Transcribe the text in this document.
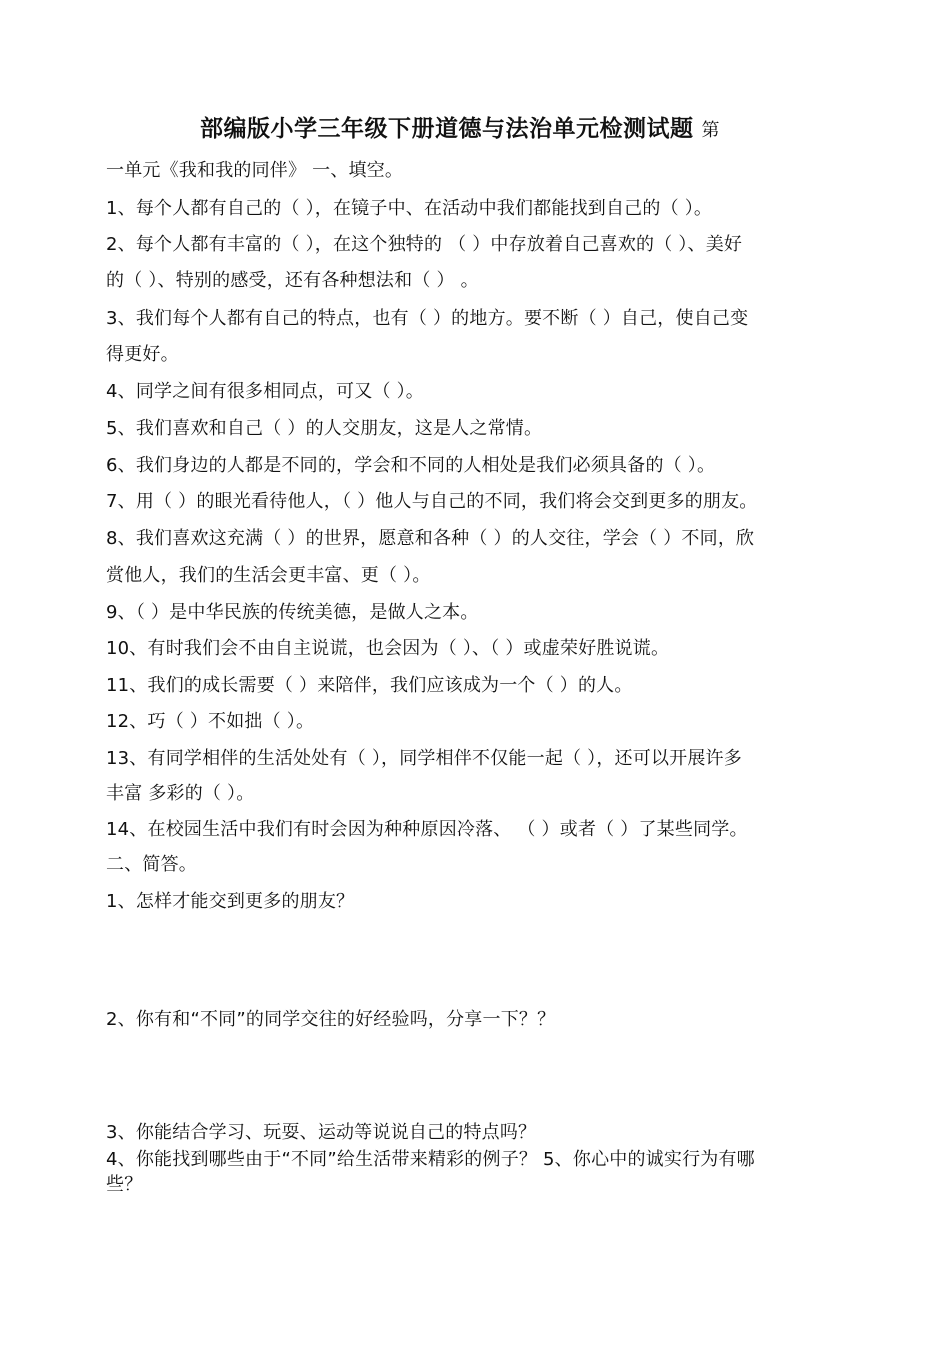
部编版小学三年级下册道德与法治单元检测试题 第
一单元《我和我的同伴》 一、填空。
1、每个人都有自己的（ ），在镜子中、在活动中我们都能找到自己的（ ）。
2、每个人都有丰富的（ ），在这个独特的 （ ）中存放着自己喜欢的（ ）、美好
的（ ）、特别的感受，还有各种想法和（ ） 。
3、我们每个人都有自己的特点，也有（ ）的地方。要不断（ ）自己，使自己变
得更好。
4、同学之间有很多相同点，可又（ ）。
5、我们喜欢和自己（ ）的人交朋友，这是人之常情。
6、我们身边的人都是不同的，学会和不同的人相处是我们必须具备的（ ）。
7、用（ ）的眼光看待他人，（ ）他人与自己的不同，我们将会交到更多的朋友。
8、我们喜欢这充满（ ）的世界，愿意和各种（ ）的人交往，学会（ ）不同，欣
赏他人，我们的生活会更丰富、更（ ）。
9、（ ）是中华民族的传统美德，是做人之本。
10、有时我们会不由自主说谎，也会因为（ ）、（ ）或虚荣好胜说谎。
11、我们的成长需要（ ）来陪伴，我们应该成为一个（ ）的人。
12、巧（ ）不如拙（ ）。
13、有同学相伴的生活处处有（ ），同学相伴不仅能一起（ ），还可以开展许多
丰富 多彩的（ ）。
14、在校园生活中我们有时会因为种种原因冷落、 （ ）或者（ ）了某些同学。
二、简答。
1、怎样才能交到更多的朋友？
2、你有和“不同”的同学交往的好经验吗，分享一下？？
3、你能结合学习、玩耍、运动等说说自己的特点吗？
4、你能找到哪些由于“不同”给生活带来精彩的例子？ 5、你心中的诚实行为有哪
些？
